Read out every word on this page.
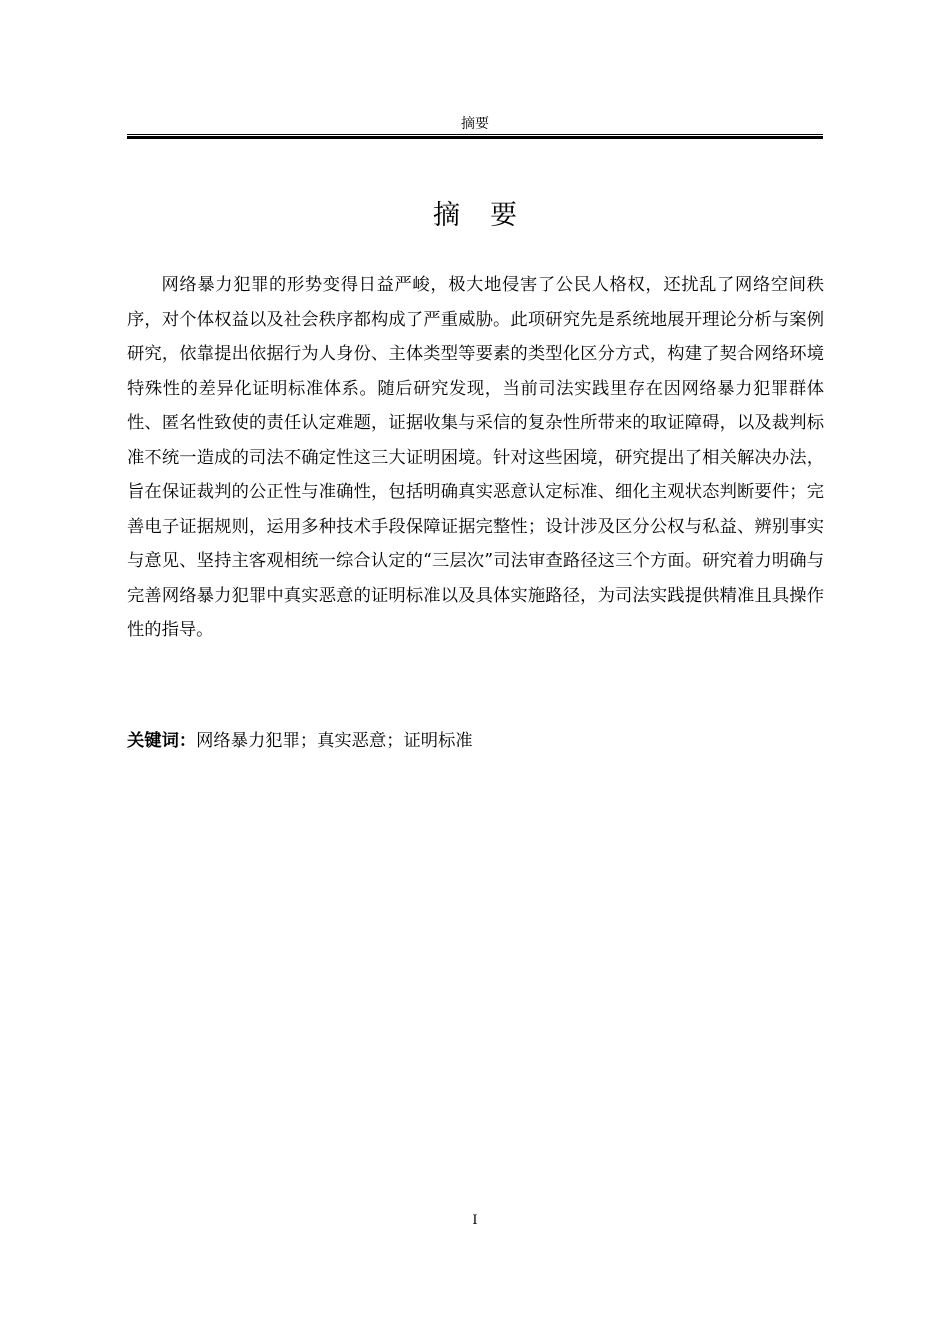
摘要
摘要

网络暴力犯罪的形势变得日益严峻，极大地侵害了公民人格权，还扰乱了网络空间秩序，对个体权益以及社会秩序都构成了严重威胁。此项研究先是系统地展开理论分析与案例研究，依靠提出依据行为人身份、主体类型等要素的类型化区分方式，构建了契合网络环境特殊性的差异化证明标准体系。随后研究发现，当前司法实践里存在因网络暴力犯罪群体性、匿名性致使的责任认定难题，证据收集与采信的复杂性所带来的取证障碍，以及裁判标准不统一造成的司法不确定性这三大证明困境。针对这些困境，研究提出了相关解决办法，旨在保证裁判的公正性与准确性，包括明确真实恶意认定标准、细化主观状态判断要件；完善电子证据规则，运用多种技术手段保障证据完整性；设计涉及区分公权与私益、辨别事实与意见、坚持主客观相统一综合认定的“三层次”司法审查路径这三个方面。研究着力明确与完善网络暴力犯罪中真实恶意的证明标准以及具体实施路径，为司法实践提供精准且具操作性的指导。

关键词：网络暴力犯罪；真实恶意；证明标准
I
